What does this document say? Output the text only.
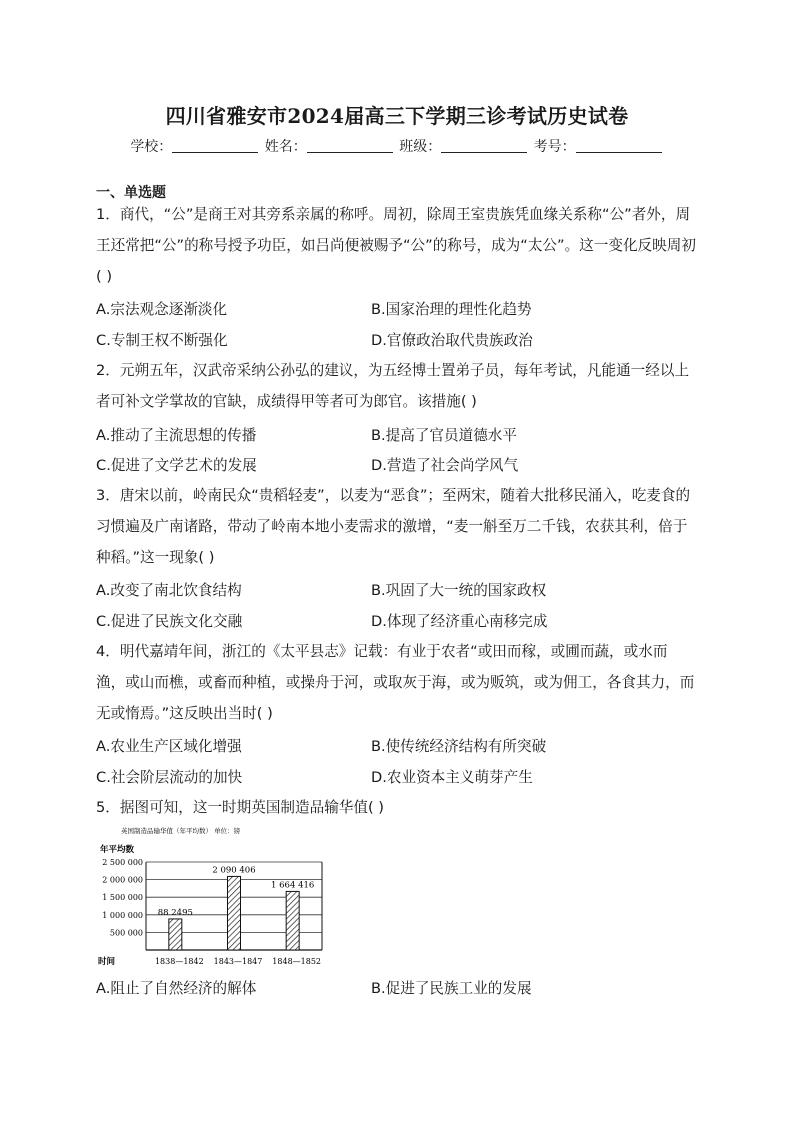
四川省雅安市2024届高三下学期三诊考试历史试卷
学校：	姓名：	班级：	考号：
一、单选题
1．商代，“公”是商王对其旁系亲属的称呼。周初，除周王室贵族凭血缘关系称“公”者外，周王还常把“公”的称号授予功臣，如吕尚便被赐予“公”的称号，成为“太公”。这一变化反映周初( )
A.宗法观念逐渐淡化	B.国家治理的理性化趋势
C.专制王权不断强化	D.官僚政治取代贵族政治
2．元朔五年，汉武帝采纳公孙弘的建议，为五经博士置弟子员，每年考试，凡能通一经以上者可补文学掌故的官缺，成绩得甲等者可为郎官。该措施( )
A.推动了主流思想的传播	B.提高了官员道德水平
C.促进了文学艺术的发展	D.营造了社会尚学风气
3．唐宋以前，岭南民众“贵稻轻麦”，以麦为“恶食”；至两宋，随着大批移民涌入，吃麦食的习惯遍及广南诸路，带动了岭南本地小麦需求的激增，“麦一斛至万二千钱，农获其利，倍于种稻。”这一现象( )
A.改变了南北饮食结构	B.巩固了大一统的国家政权
C.促进了民族文化交融	D.体现了经济重心南移完成
4．明代嘉靖年间，浙江的《太平县志》记载：有业于农者“或田而稼，或圃而蔬，或水而渔，或山而樵，或畜而种植，或操舟于河，或取灰于海，或为贩筑，或为佣工，各食其力，而无或惰焉。”这反映出当时( )
A.农业生产区域化增强	B.使传统经济结构有所突破
C.社会阶层流动的加快	D.农业资本主义萌芽产生
5．据图可知，这一时期英国制造品输华值( )
英国制造品输华值（年平均数） 单位：镑
年平均数
500 000
1 000 000
1 500 000
2 000 000
2 500 000
88 2495
1838—1842
2 090 406
1843—1847
1 664 416
1848—1852
时间
A.阻止了自然经济的解体	B.促进了民族工业的发展
